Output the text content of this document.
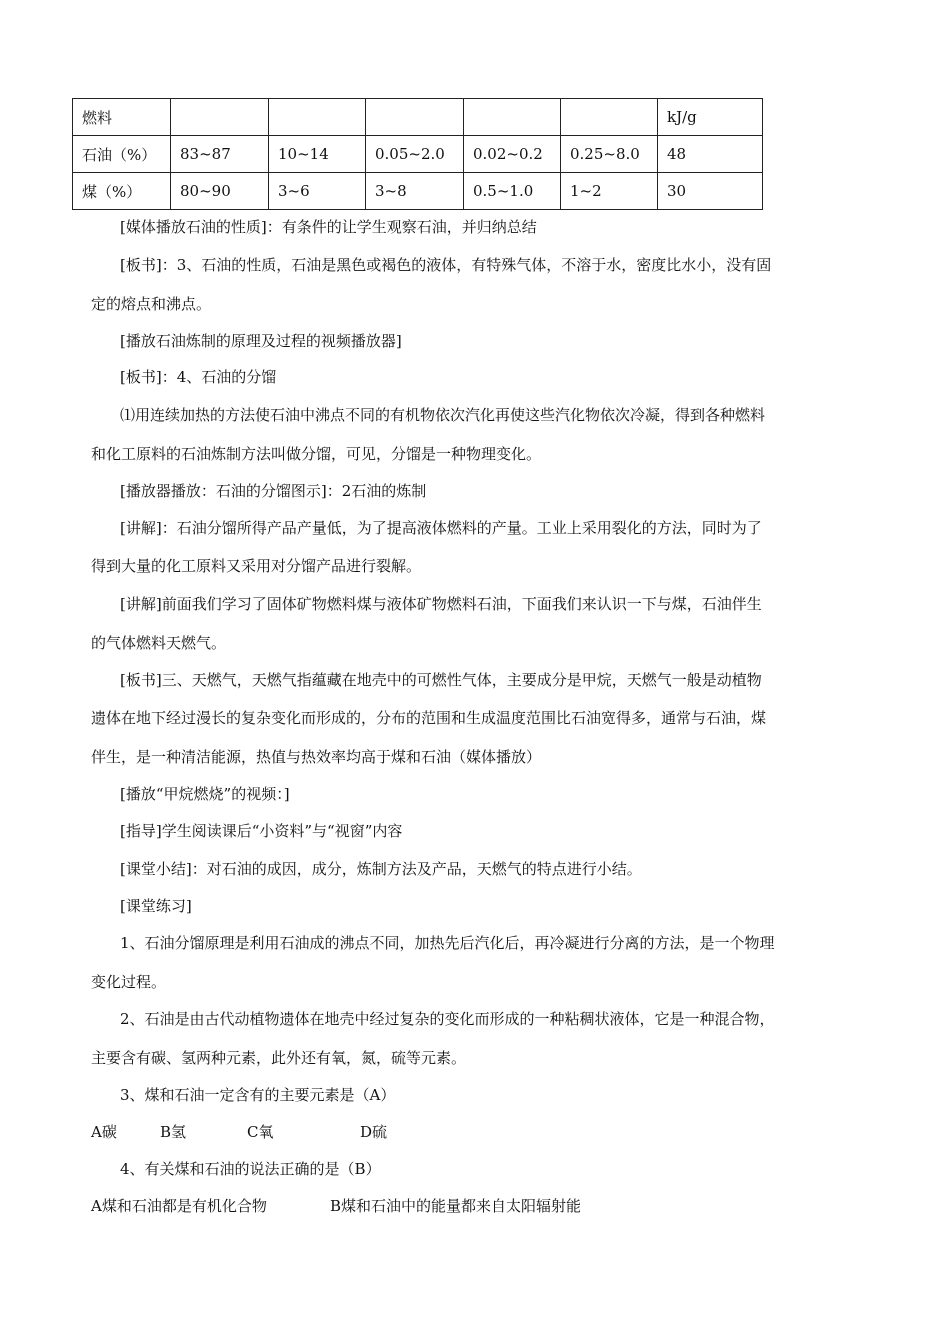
燃料						kJ/g
石油（%）	83~87	10~14	0.05~2.0	0.02~0.2	0.25~8.0	48
煤（%）	80~90	3~6	3~8	0.5~1.0	1~2	30
[媒体播放石油的性质]：有条件的让学生观察石油，并归纳总结
[板书]：3、石油的性质，石油是黑色或褐色的液体，有特殊气体，不溶于水，密度比水小，没有固
定的熔点和沸点。
[播放石油炼制的原理及过程的视频播放器]
[板书]：4、石油的分馏
⑴用连续加热的方法使石油中沸点不同的有机物依次汽化再使这些汽化物依次冷凝，得到各种燃料
和化工原料的石油炼制方法叫做分馏，可见，分馏是一种物理变化。
[播放器播放：石油的分馏图示]：2石油的炼制
[讲解]：石油分馏所得产品产量低，为了提高液体燃料的产量。工业上采用裂化的方法，同时为了
得到大量的化工原料又采用对分馏产品进行裂解。
[讲解]前面我们学习了固体矿物燃料煤与液体矿物燃料石油，下面我们来认识一下与煤，石油伴生
的气体燃料天燃气。
[板书]三、天燃气，天燃气指蕴藏在地壳中的可燃性气体，主要成分是甲烷，天燃气一般是动植物
遗体在地下经过漫长的复杂变化而形成的，分布的范围和生成温度范围比石油宽得多，通常与石油，煤
伴生，是一种清洁能源，热值与热效率均高于煤和石油（媒体播放）
[播放“甲烷燃烧”的视频：]
[指导]学生阅读课后“小资料”与“视窗”内容
[课堂小结]：对石油的成因，成分，炼制方法及产品，天燃气的特点进行小结。
[课堂练习]
1、石油分馏原理是利用石油成的沸点不同，加热先后汽化后，再冷凝进行分离的方法，是一个物理
变化过程。
2、石油是由古代动植物遗体在地壳中经过复杂的变化而形成的一种粘稠状液体，它是一种混合物，
主要含有碳、氢两种元素，此外还有氧，氮，硫等元素。
3、煤和石油一定含有的主要元素是（A）
A碳	B氢	C氧	D硫
4、有关煤和石油的说法正确的是（B）
A煤和石油都是有机化合物	B煤和石油中的能量都来自太阳辐射能
